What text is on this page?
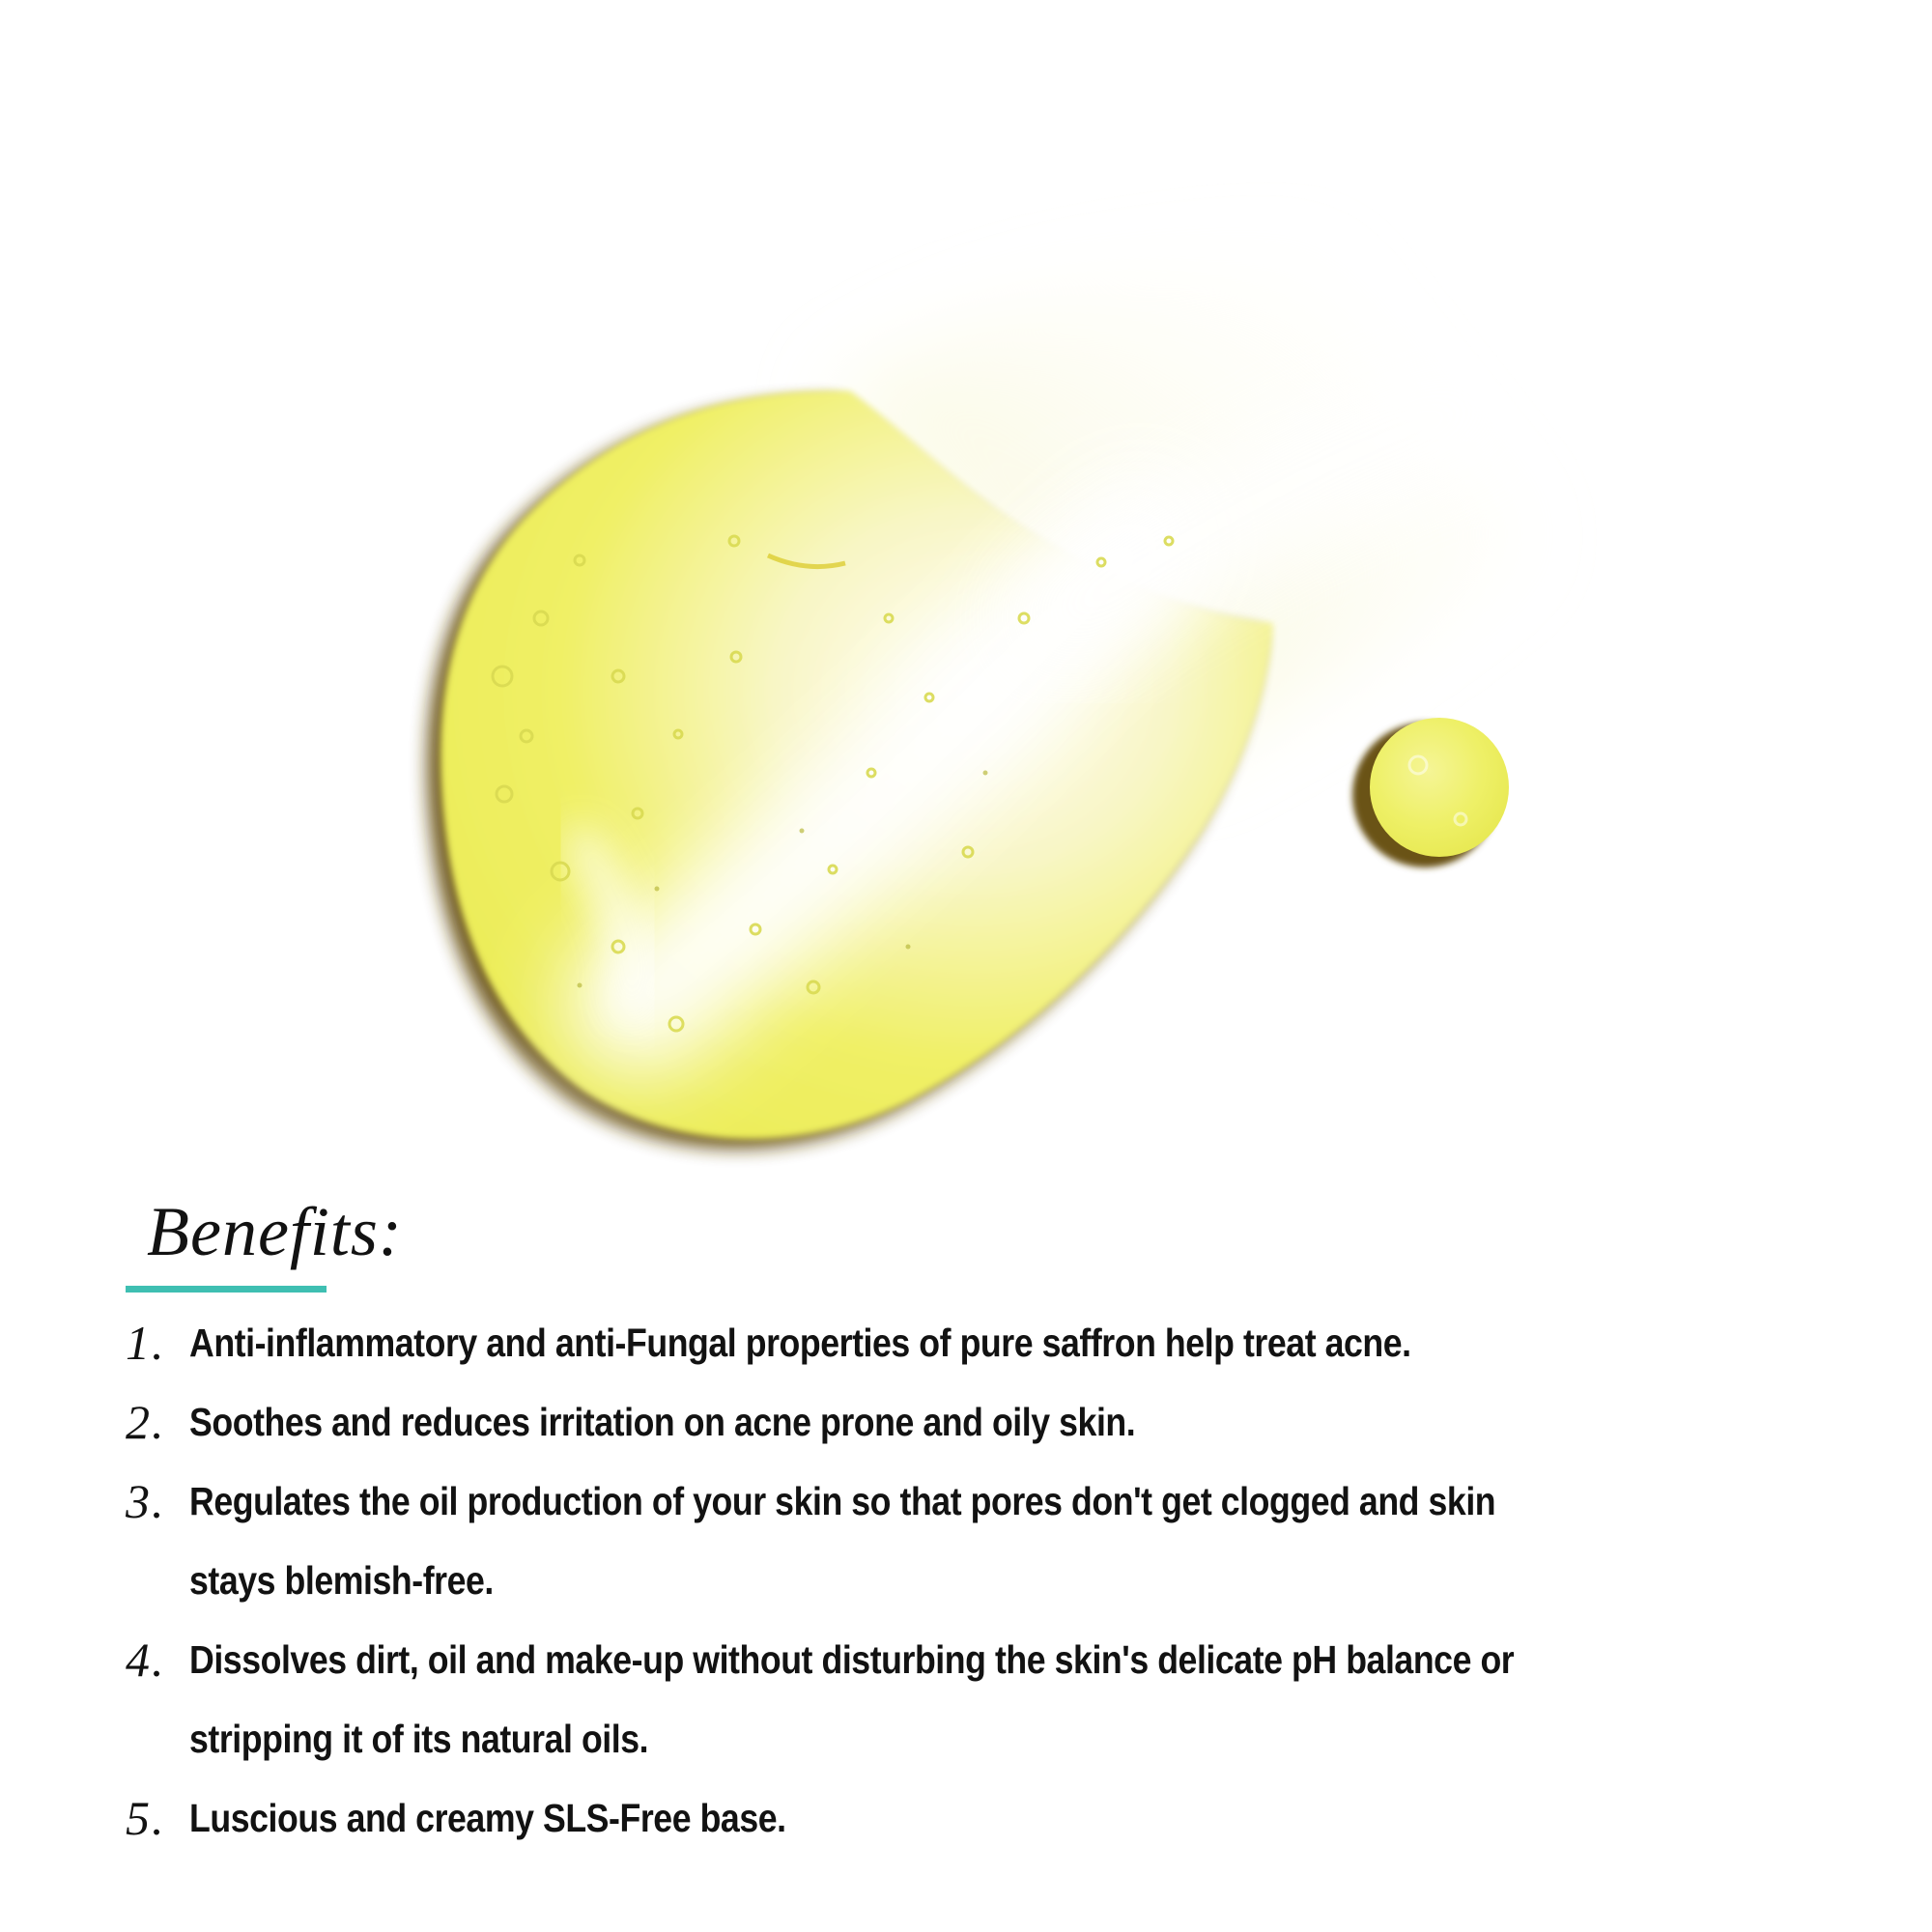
Benefits:
1. Anti-inflammatory and anti-Fungal properties of pure saffron help treat acne.
2. Soothes and reduces irritation on acne prone and oily skin.
3. Regulates the oil production of your skin so that pores don't get clogged and skin
stays blemish-free.
4. Dissolves dirt, oil and make-up without disturbing the skin's delicate pH balance or
stripping it of its natural oils.
5. Luscious and creamy SLS-Free base.
